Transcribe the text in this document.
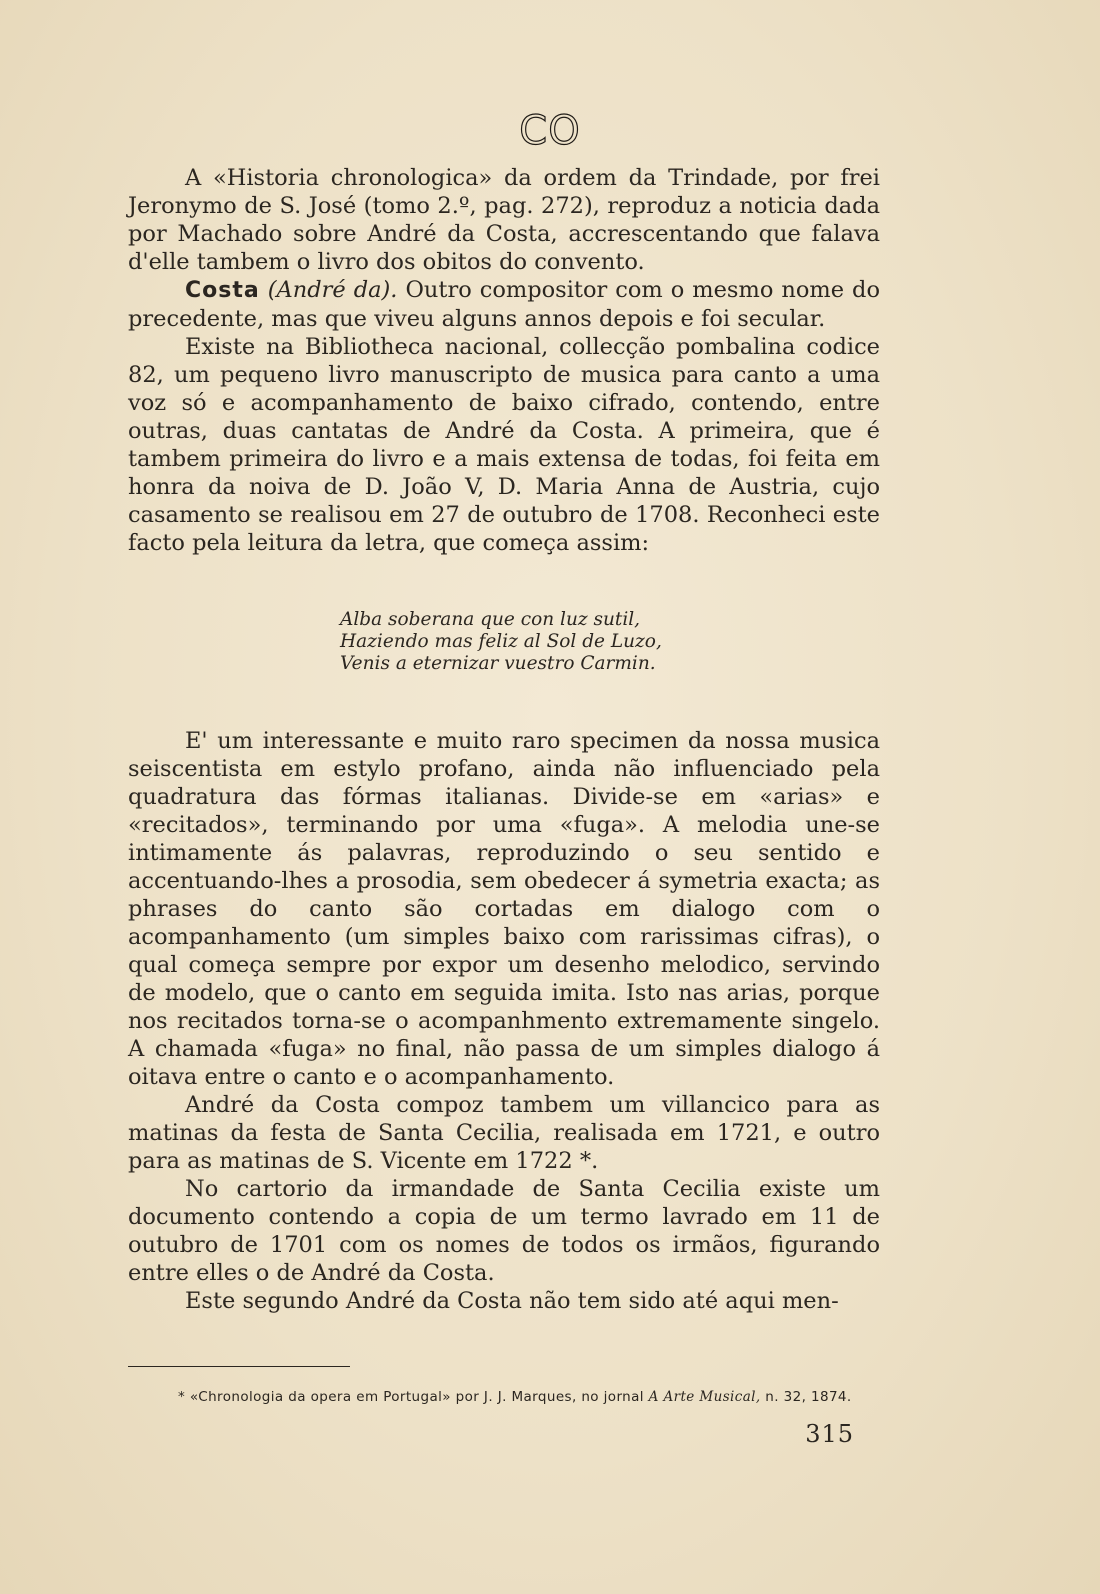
CO

A «Historia chronologica» da ordem da Trindade, por frei Jeronymo de S. José (tomo 2.º, pag. 272), reproduz a noticia dada por Machado sobre André da Costa, accrescentando que falava d'elle tambem o livro dos obitos do convento.

Costa (André da). Outro compositor com o mesmo nome do precedente, mas que viveu alguns annos depois e foi secular.

Existe na Bibliotheca nacional, collecção pombalina codice 82, um pequeno livro manuscripto de musica para canto a uma voz só e acompanhamento de baixo cifrado, contendo, entre outras, duas cantatas de André da Costa. A primeira, que é tambem primeira do livro e a mais extensa de todas, foi feita em honra da noiva de D. João V, D. Maria Anna de Austria, cujo casamento se realisou em 27 de outubro de 1708. Reconheci este facto pela leitura da letra, que começa assim:

Alba soberana que con luz sutil,
Haziendo mas feliz al Sol de Luzo,
Venis a eternizar vuestro Carmin.

E' um interessante e muito raro specimen da nossa musica seiscentista em estylo profano, ainda não influenciado pela quadratura das fórmas italianas. Divide-se em «arias» e «recitados», terminando por uma «fuga». A melodia une-se intimamente ás palavras, reproduzindo o seu sentido e accentuando-lhes a prosodia, sem obedecer á symetria exacta; as phrases do canto são cortadas em dialogo com o acompanhamento (um simples baixo com rarissimas cifras), o qual começa sempre por expor um desenho melodico, servindo de modelo, que o canto em seguida imita. Isto nas arias, porque nos recitados torna-se o acompanhmento extremamente singelo. A chamada «fuga» no final, não passa de um simples dialogo á oitava entre o canto e o acompanhamento.

André da Costa compoz tambem um villancico para as matinas da festa de Santa Cecilia, realisada em 1721, e outro para as matinas de S. Vicente em 1722 *.

No cartorio da irmandade de Santa Cecilia existe um documento contendo a copia de um termo lavrado em 11 de outubro de 1701 com os nomes de todos os irmãos, figurando entre elles o de André da Costa.

Este segundo André da Costa não tem sido até aqui men-

* «Chronologia da opera em Portugal» por J. J. Marques, no jornal A Arte Musical, n. 32, 1874.
315
